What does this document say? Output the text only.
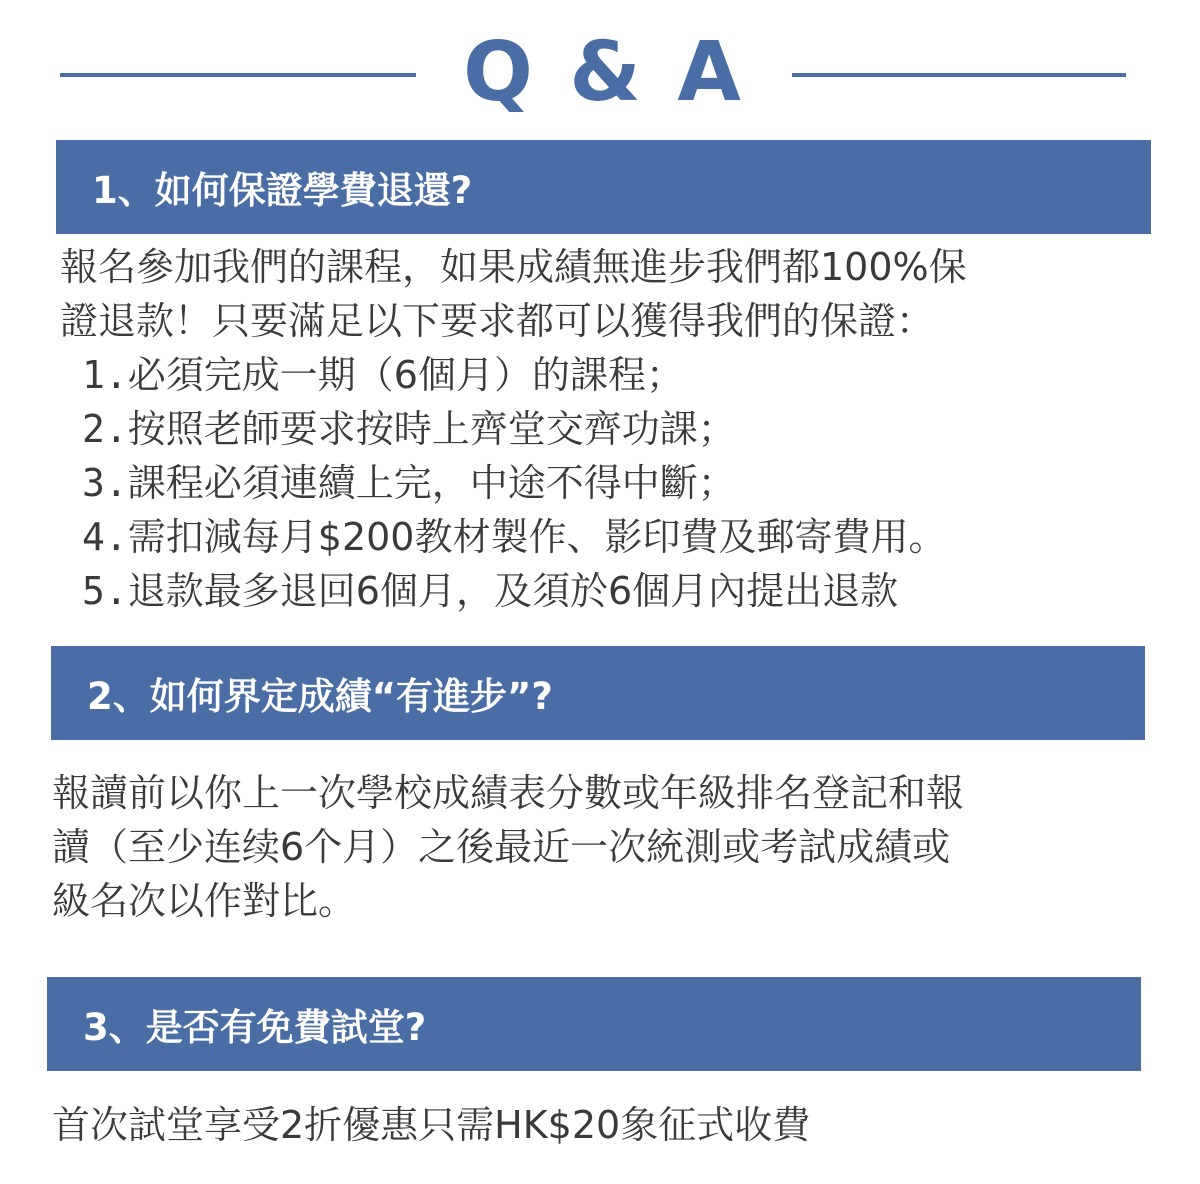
Q & A
1、如何保證學費退還?

報名參加我們的課程，如果成績無進步我們都100%保

證退款！只要滿足以下要求都可以獲得我們的保證：

1.必須完成一期（6個月）的課程；
2.按照老師要求按時上齊堂交齊功課；
3.課程必須連續上完，中途不得中斷；
4.需扣減每月$200教材製作、影印費及郵寄費用。
5.退款最多退回6個月，及須於6個月內提出退款
2、如何界定成績“有進步”?

報讀前以你上一次學校成績表分數或年級排名登記和報

讀（至少连续6个月）之後最近一次統測或考試成績或

級名次以作對比。

3、是否有免費試堂?

首次試堂享受2折優惠只需HK$20象征式收費
